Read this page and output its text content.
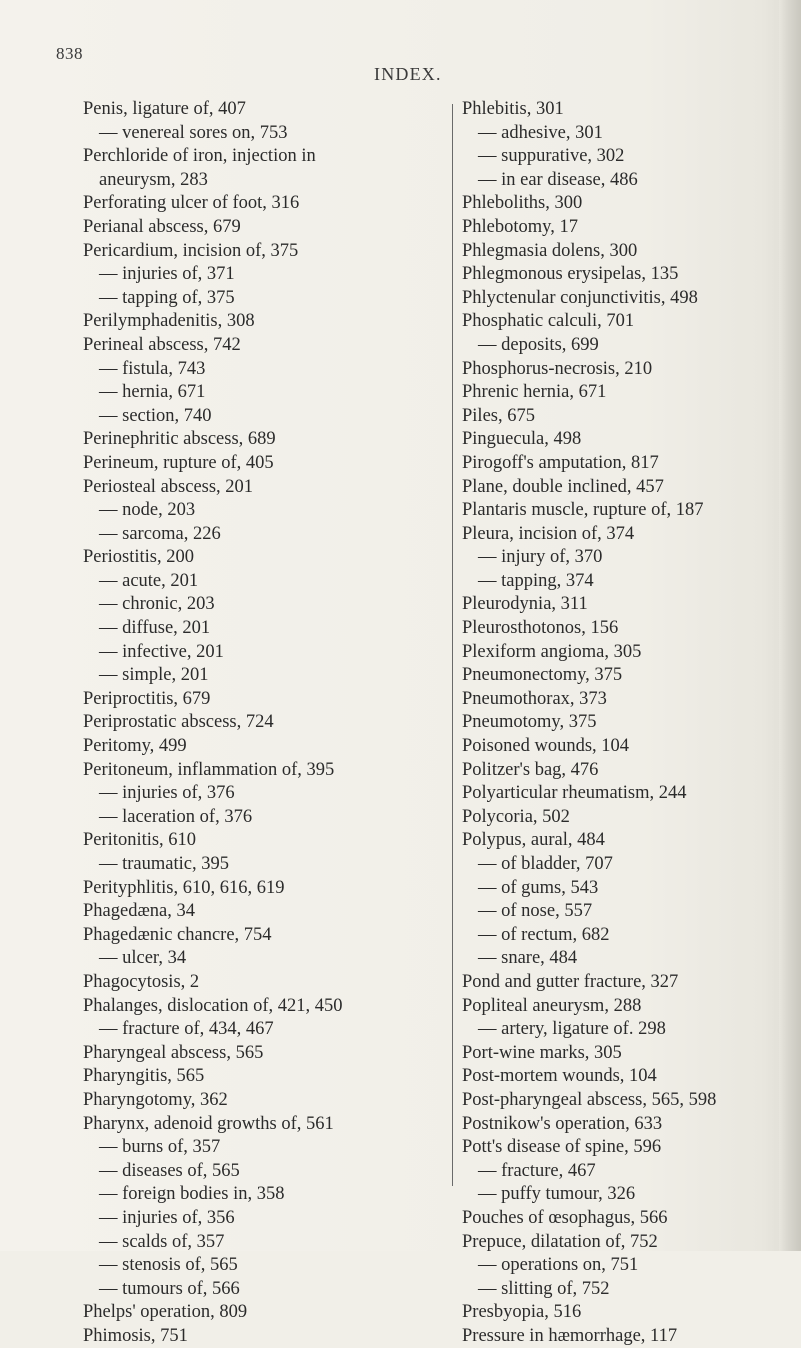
838
INDEX.
Penis, ligature of, 407
— venereal sores on, 753
Perchloride of iron, injection in
aneurysm, 283
Perforating ulcer of foot, 316
Perianal abscess, 679
Pericardium, incision of, 375
— injuries of, 371
— tapping of, 375
Perilymphadenitis, 308
Perineal abscess, 742
— fistula, 743
— hernia, 671
— section, 740
Perinephritic abscess, 689
Perineum, rupture of, 405
Periosteal abscess, 201
— node, 203
— sarcoma, 226
Periostitis, 200
— acute, 201
— chronic, 203
— diffuse, 201
— infective, 201
— simple, 201
Periproctitis, 679
Periprostatic abscess, 724
Peritomy, 499
Peritoneum, inflammation of, 395
— injuries of, 376
— laceration of, 376
Peritonitis, 610
— traumatic, 395
Perityphlitis, 610, 616, 619
Phagedæna, 34
Phagedænic chancre, 754
— ulcer, 34
Phagocytosis, 2
Phalanges, dislocation of, 421, 450
— fracture of, 434, 467
Pharyngeal abscess, 565
Pharyngitis, 565
Pharyngotomy, 362
Pharynx, adenoid growths of, 561
— burns of, 357
— diseases of, 565
— foreign bodies in, 358
— injuries of, 356
— scalds of, 357
— stenosis of, 565
— tumours of, 566
Phelps' operation, 809
Phimosis, 751
Phlebitis, 301
— adhesive, 301
— suppurative, 302
— in ear disease, 486
Phleboliths, 300
Phlebotomy, 17
Phlegmasia dolens, 300
Phlegmonous erysipelas, 135
Phlyctenular conjunctivitis, 498
Phosphatic calculi, 701
— deposits, 699
Phosphorus-necrosis, 210
Phrenic hernia, 671
Piles, 675
Pinguecula, 498
Pirogoff's amputation, 817
Plane, double inclined, 457
Plantaris muscle, rupture of, 187
Pleura, incision of, 374
— injury of, 370
— tapping, 374
Pleurodynia, 311
Pleurosthotonos, 156
Plexiform angioma, 305
Pneumonectomy, 375
Pneumothorax, 373
Pneumotomy, 375
Poisoned wounds, 104
Politzer's bag, 476
Polyarticular rheumatism, 244
Polycoria, 502
Polypus, aural, 484
— of bladder, 707
— of gums, 543
— of nose, 557
— of rectum, 682
— snare, 484
Pond and gutter fracture, 327
Popliteal aneurysm, 288
— artery, ligature of. 298
Port-wine marks, 305
Post-mortem wounds, 104
Post-pharyngeal abscess, 565, 598
Postnikow's operation, 633
Pott's disease of spine, 596
— fracture, 467
— puffy tumour, 326
Pouches of œsophagus, 566
Prepuce, dilatation of, 752
— operations on, 751
— slitting of, 752
Presbyopia, 516
Pressure in hæmorrhage, 117
